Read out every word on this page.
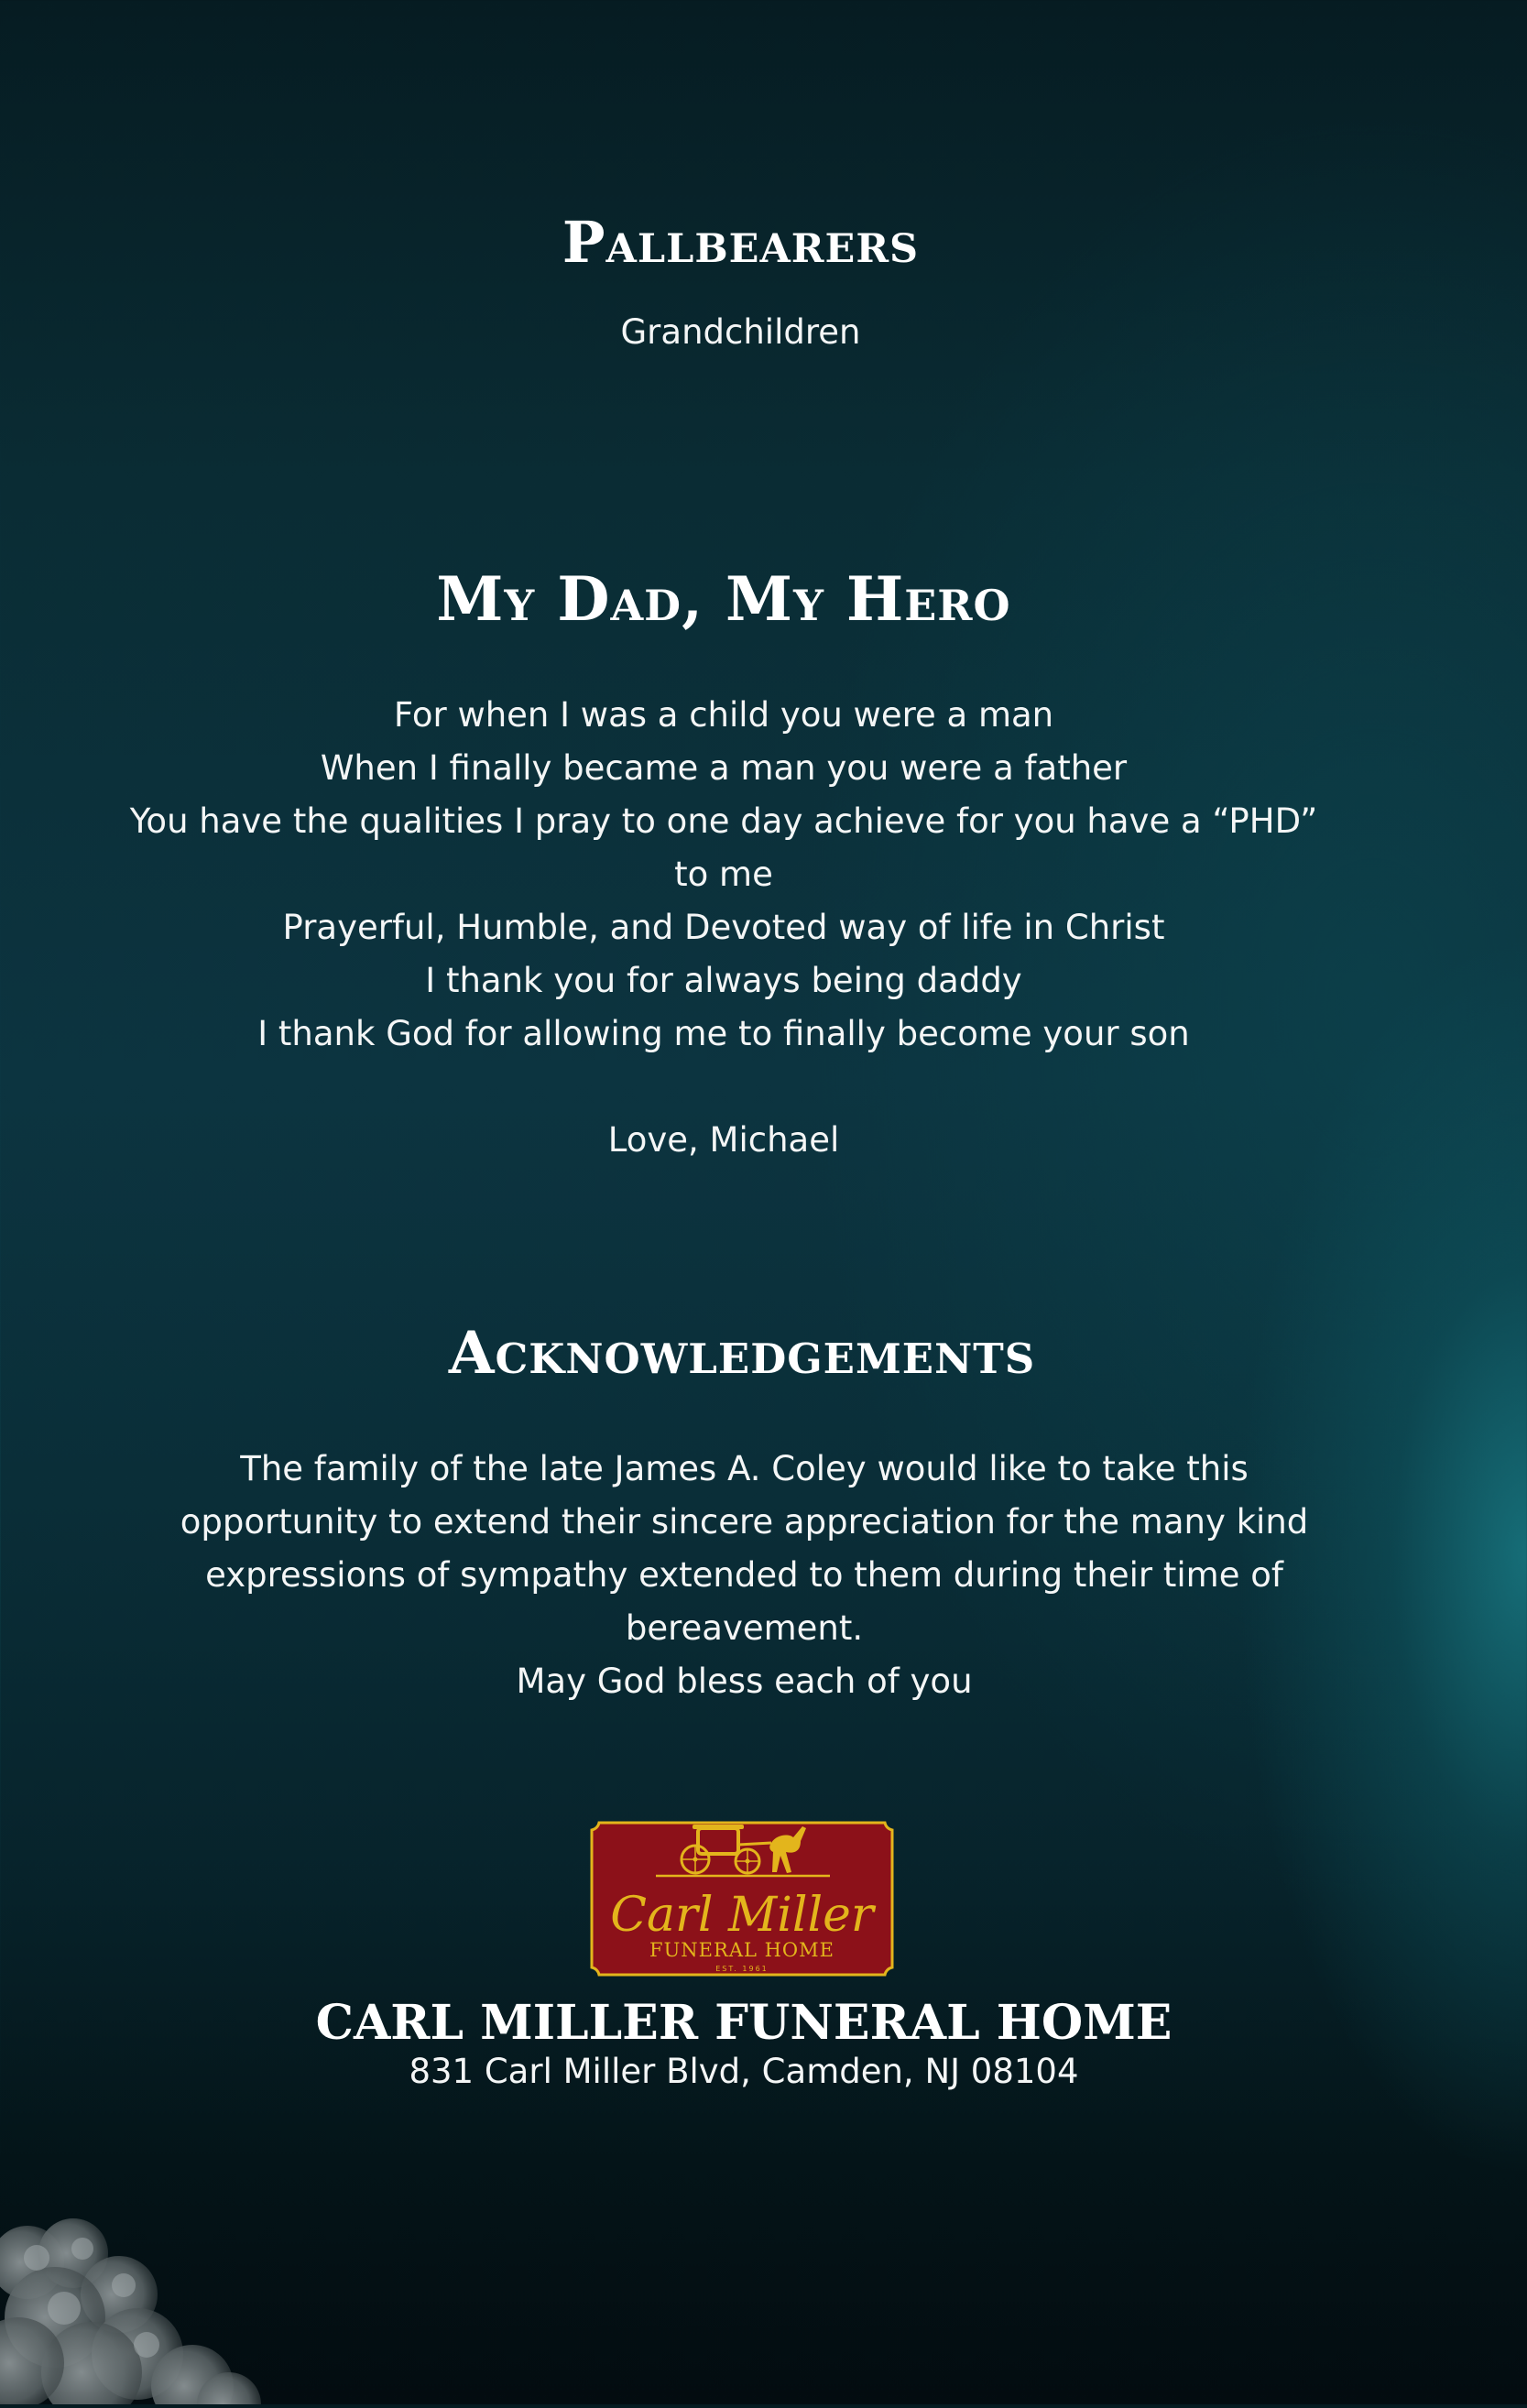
Pallbearers
Grandchildren
My Dad, My Hero
For when I was a child you were a man
When I finally became a man you were a father
You have the qualities I pray to one day achieve for you have a “PHD”
to me
Prayerful, Humble, and Devoted way of life in Christ
I thank you for always being daddy
I thank God for allowing me to finally become your son
Love, Michael
Acknowledgements
The family of the late James A. Coley would like to take this
opportunity to extend their sincere appreciation for the many kind
expressions of sympathy extended to them during their time of
bereavement.
May God bless each of you
Carl Miller
FUNERAL HOME
EST. 1961
CARL MILLER FUNERAL HOME
831 Carl Miller Blvd, Camden, NJ 08104
